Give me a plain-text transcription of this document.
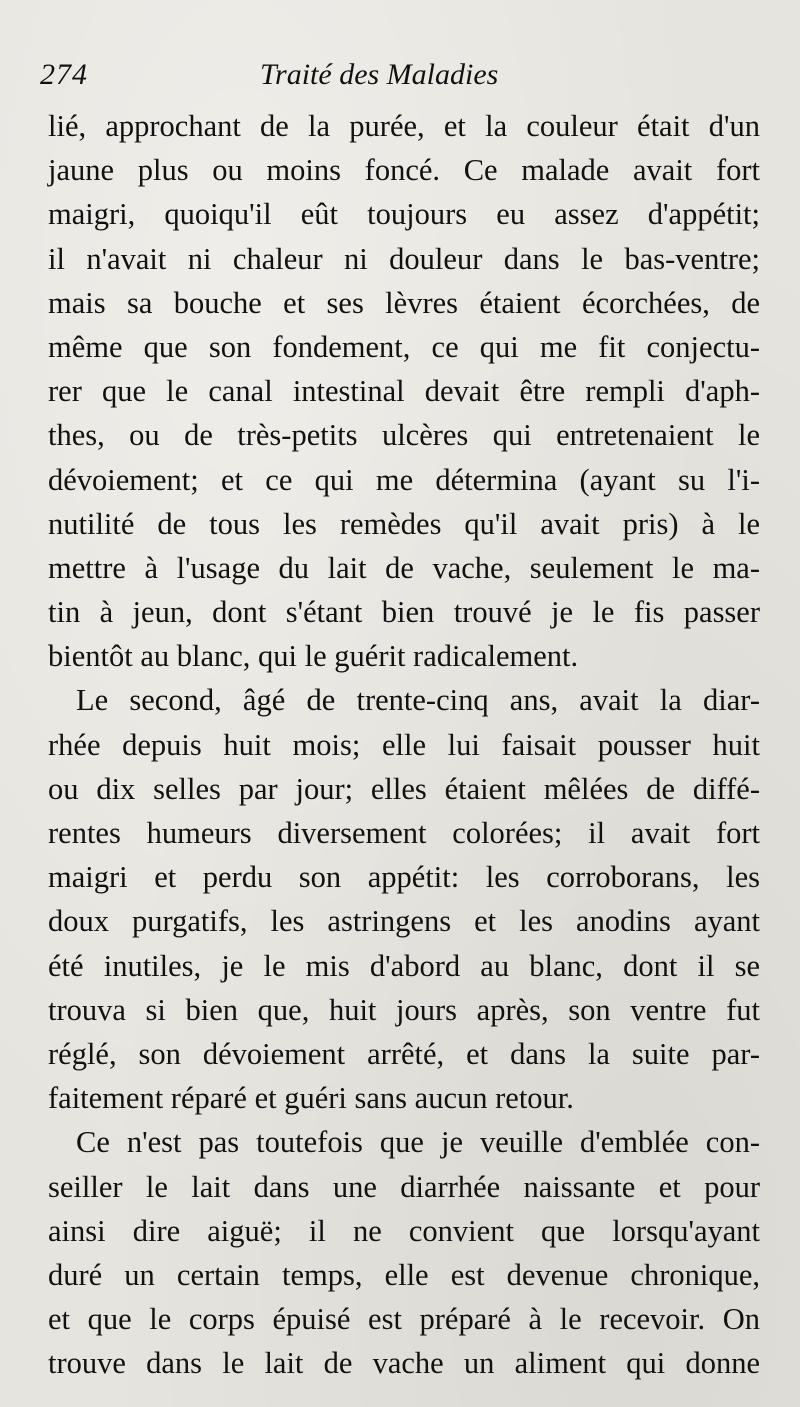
274	Traité des Maladies
lié, approchant de la purée, et la couleur était d'un
jaune plus ou moins foncé. Ce malade avait fort
maigri, quoiqu'il eût toujours eu assez d'appétit;
il n'avait ni chaleur ni douleur dans le bas-ventre;
mais sa bouche et ses lèvres étaient écorchées, de
même que son fondement, ce qui me fit conjectu-
rer que le canal intestinal devait être rempli d'aph-
thes, ou de très-petits ulcères qui entretenaient le
dévoiement; et ce qui me détermina (ayant su l'i-
nutilité de tous les remèdes qu'il avait pris) à le
mettre à l'usage du lait de vache, seulement le ma-
tin à jeun, dont s'étant bien trouvé je le fis passer
bientôt au blanc, qui le guérit radicalement.
Le second, âgé de trente-cinq ans, avait la diar-
rhée depuis huit mois; elle lui faisait pousser huit
ou dix selles par jour; elles étaient mêlées de diffé-
rentes humeurs diversement colorées; il avait fort
maigri et perdu son appétit: les corroborans, les
doux purgatifs, les astringens et les anodins ayant
été inutiles, je le mis d'abord au blanc, dont il se
trouva si bien que, huit jours après, son ventre fut
réglé, son dévoiement arrêté, et dans la suite par-
faitement réparé et guéri sans aucun retour.
Ce n'est pas toutefois que je veuille d'emblée con-
seiller le lait dans une diarrhée naissante et pour
ainsi dire aiguë; il ne convient que lorsqu'ayant
duré un certain temps, elle est devenue chronique,
et que le corps épuisé est préparé à le recevoir. On
trouve dans le lait de vache un aliment qui donne
